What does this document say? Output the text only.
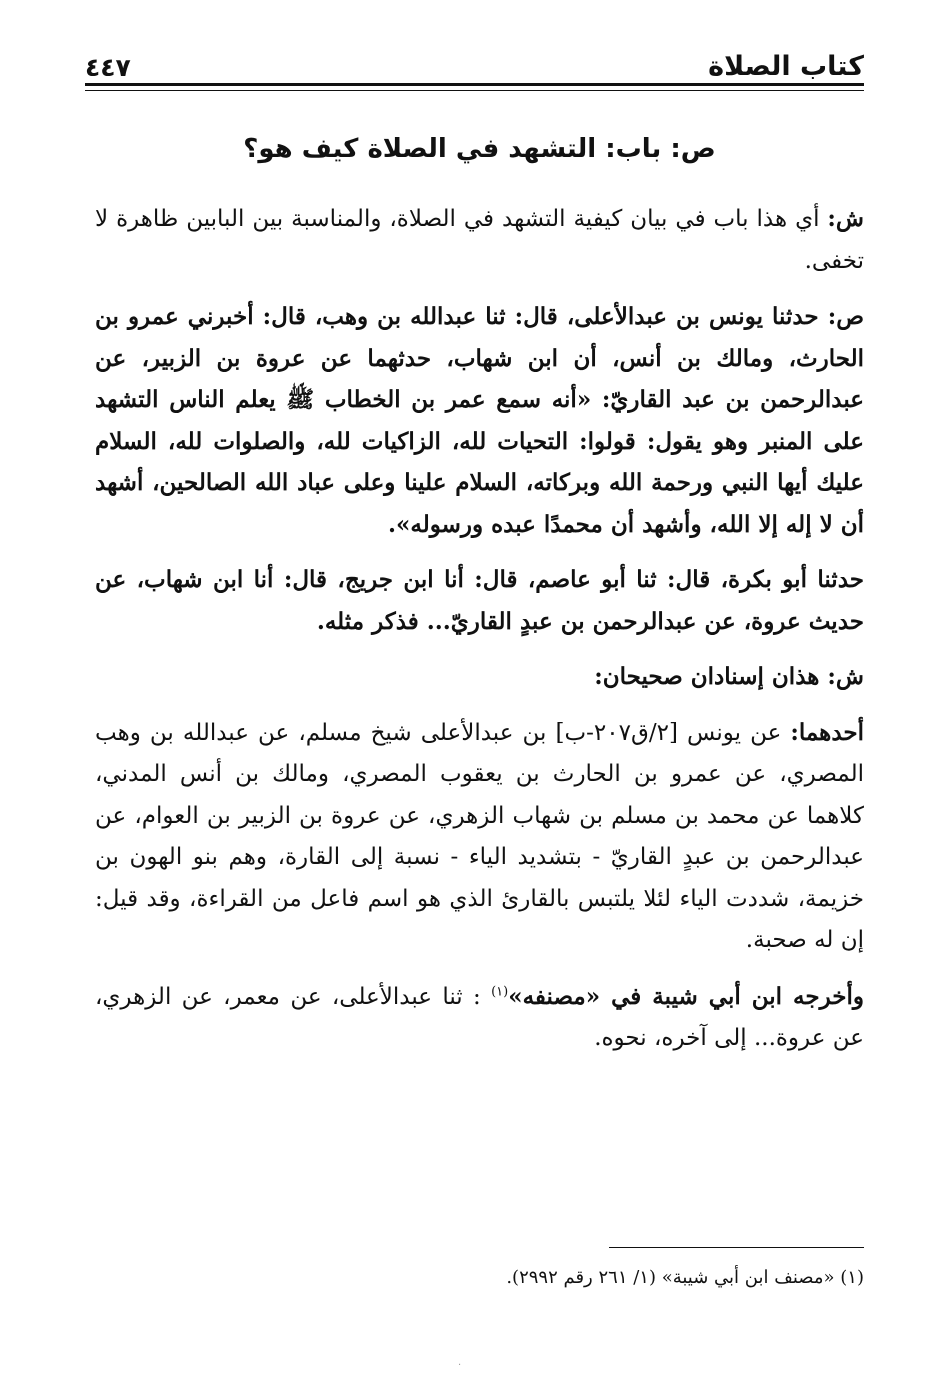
كتاب الصلاة
٤٤٧
ص: باب: التشهد في الصلاة كيف هو؟

ش: أي هذا باب في بيان كيفية التشهد في الصلاة، والمناسبة بين البابين ظاهرة لا تخفى.

ص: حدثنا يونس بن عبدالأعلى، قال: ثنا عبدالله بن وهب، قال: أخبرني عمرو بن الحارث، ومالك بن أنس، أن ابن شهاب، حدثهما عن عروة بن الزبير، عن عبدالرحمن بن عبد القاريّ: «أنه سمع عمر بن الخطاب ﷺ يعلم الناس التشهد على المنبر وهو يقول: قولوا: التحيات لله، الزاكيات لله، والصلوات لله، السلام عليك أيها النبي ورحمة الله وبركاته، السلام علينا وعلى عباد الله الصالحين، أشهد أن لا إله إلا الله، وأشهد أن محمدًا عبده ورسوله».

حدثنا أبو بكرة، قال: ثنا أبو عاصم، قال: أنا ابن جريج، قال: أنا ابن شهاب، عن حديث عروة، عن عبدالرحمن بن عبدٍ القاريّ... فذكر مثله.

ش: هذان إسنادان صحيحان:

أحدهما: عن يونس [٢/ق٢٠٧-ب] بن عبدالأعلى شيخ مسلم، عن عبدالله بن وهب المصري، عن عمرو بن الحارث بن يعقوب المصري، ومالك بن أنس المدني، كلاهما عن محمد بن مسلم بن شهاب الزهري، عن عروة بن الزبير بن العوام، عن عبدالرحمن بن عبدٍ القاريّ - بتشديد الياء - نسبة إلى القارة، وهم بنو الهون بن خزيمة، شددت الياء لئلا يلتبس بالقارئ الذي هو اسم فاعل من القراءة، وقد قيل: إن له صحبة.

وأخرجه ابن أبي شيبة في «مصنفه»$^{(١)}$ : ثنا عبدالأعلى، عن معمر، عن الزهري، عن عروة... إلى آخره، نحوه.

(١) «مصنف ابن أبي شيبة» (١/ ٢٦١ رقم ٢٩٩٢).
.
